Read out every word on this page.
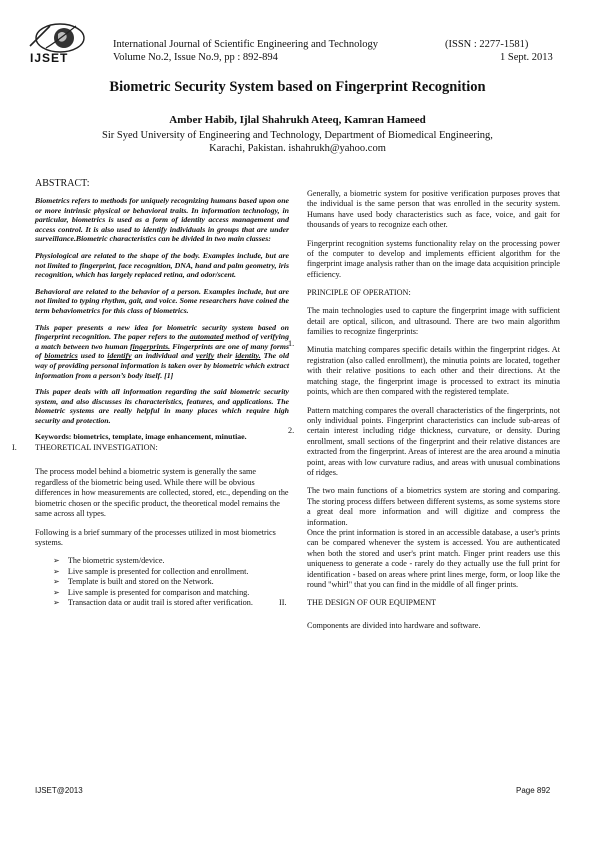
IJSET
International Journal of Scientific Engineering and Technology	(ISSN : 2277-1581)
Volume No.2, Issue No.9, pp : 892-894	1 Sept. 2013
Biometric Security System based on Fingerprint Recognition
Amber Habib, Ijlal Shahrukh Ateeq, Kamran Hameed
Sir Syed University of Engineering and Technology, Department of Biomedical Engineering,
Karachi, Pakistan. ishahrukh@yahoo.com
ABSTRACT:

Biometrics refers to methods for uniquely recognizing humans based upon one or more intrinsic physical or behavioral traits. In information technology, in particular, biometrics is used as a form of identity access management and access control. It is also used to identify individuals in groups that are under surveillance.Biometric characteristics can be divided in two main classes:

Physiological are related to the shape of the body. Examples include, but are not limited to fingerprint, face recognition, DNA, hand and palm geometry, iris recognition, which has largely replaced retina, and odor/scent.

Behavioral are related to the behavior of a person. Examples include, but are not limited to typing rhythm, gait, and voice. Some researchers have coined the term behaviometrics for this class of biometrics.

This paper presents a new idea for biometric security system based on fingerprint recognition. The paper refers to the automated method of verifying a match between two human fingerprints. Fingerprints are one of many forms of biometrics used to identify an individual and verify their identity. The old way of providing personal information is taken over by biometric which extract information from a person’s body itself. [1]

This paper deals with all information regarding the said biometric security system, and also discusses its characteristics, features, and applications. The biometric systems are really helpful in many places which require high security and protection.

Keywords: biometrics, template, image enhancement, minutiae.
I. THEORETICAL INVESTIGATION:

The process model behind a biometric system is generally the same regardless of the biometric being used. While there will be obvious differences in how measurements are collected, stored, etc., depending on the biometric chosen or the specific product, the theoretical model remains the same across all types.

Following is a brief summary of the processes utilized in most biometrics systems.

➢ The biometric system/device.
➢ Live sample is presented for collection and enrollment.
➢ Template is built and stored on the Network.
➢ Live sample is presented for comparison and matching.
➢ Transaction data or audit trail is stored after verification.

Generally, a biometric system for positive verification purposes proves that the individual is the same person that was enrolled in the security system. Humans have used body characteristics such as face, voice, and gait for thousands of years to recognize each other.

Fingerprint recognition systems functionality relay on the processing power of the computer to develop and implements efficient algorithm for the fingerprint image analysis rather than on the image data acquisition principle efficiency.

PRINCIPLE OF OPERATION:

The main technologies used to capture the fingerprint image with sufficient detail are optical, silicon, and ultrasound. There are two main algorithm families to recognize fingerprints:

1.

Minutia matching compares specific details within the fingerprint ridges. At registration (also called enrollment), the minutia points are located, together with their relative positions to each other and their directions. At the matching stage, the fingerprint image is processed to extract its minutia points, which are then compared with the registered template.

2.

Pattern matching compares the overall characteristics of the fingerprints, not only individual points. Fingerprint characteristics can include sub-areas of certain interest including ridge thickness, curvature, or density. During enrollment, small sections of the fingerprint and their relative distances are extracted from the fingerprint. Areas of interest are the area around a minutia point, areas with low curvature radius, and areas with unusual combinations of ridges.

The two main functions of a biometrics system are storing and comparing. The storing process differs between different systems, as some systems store a great deal more information and will digitize and compress the information.

Once the print information is stored in an accessible database, a user's prints can be compared whenever the system is accessed. You are authenticated when both the stored and user's print match. Finger print readers use this uniqueness to generate a code - rarely do they actually use the full print for identification - based on areas where print lines merge, form, or loop like the round "whirl" that you can find in the middle of all finger prints.

II.	THE DESIGN OF OUR EQUIPMENT

Components are divided into hardware and software.

IJSET@2013	Page 892
